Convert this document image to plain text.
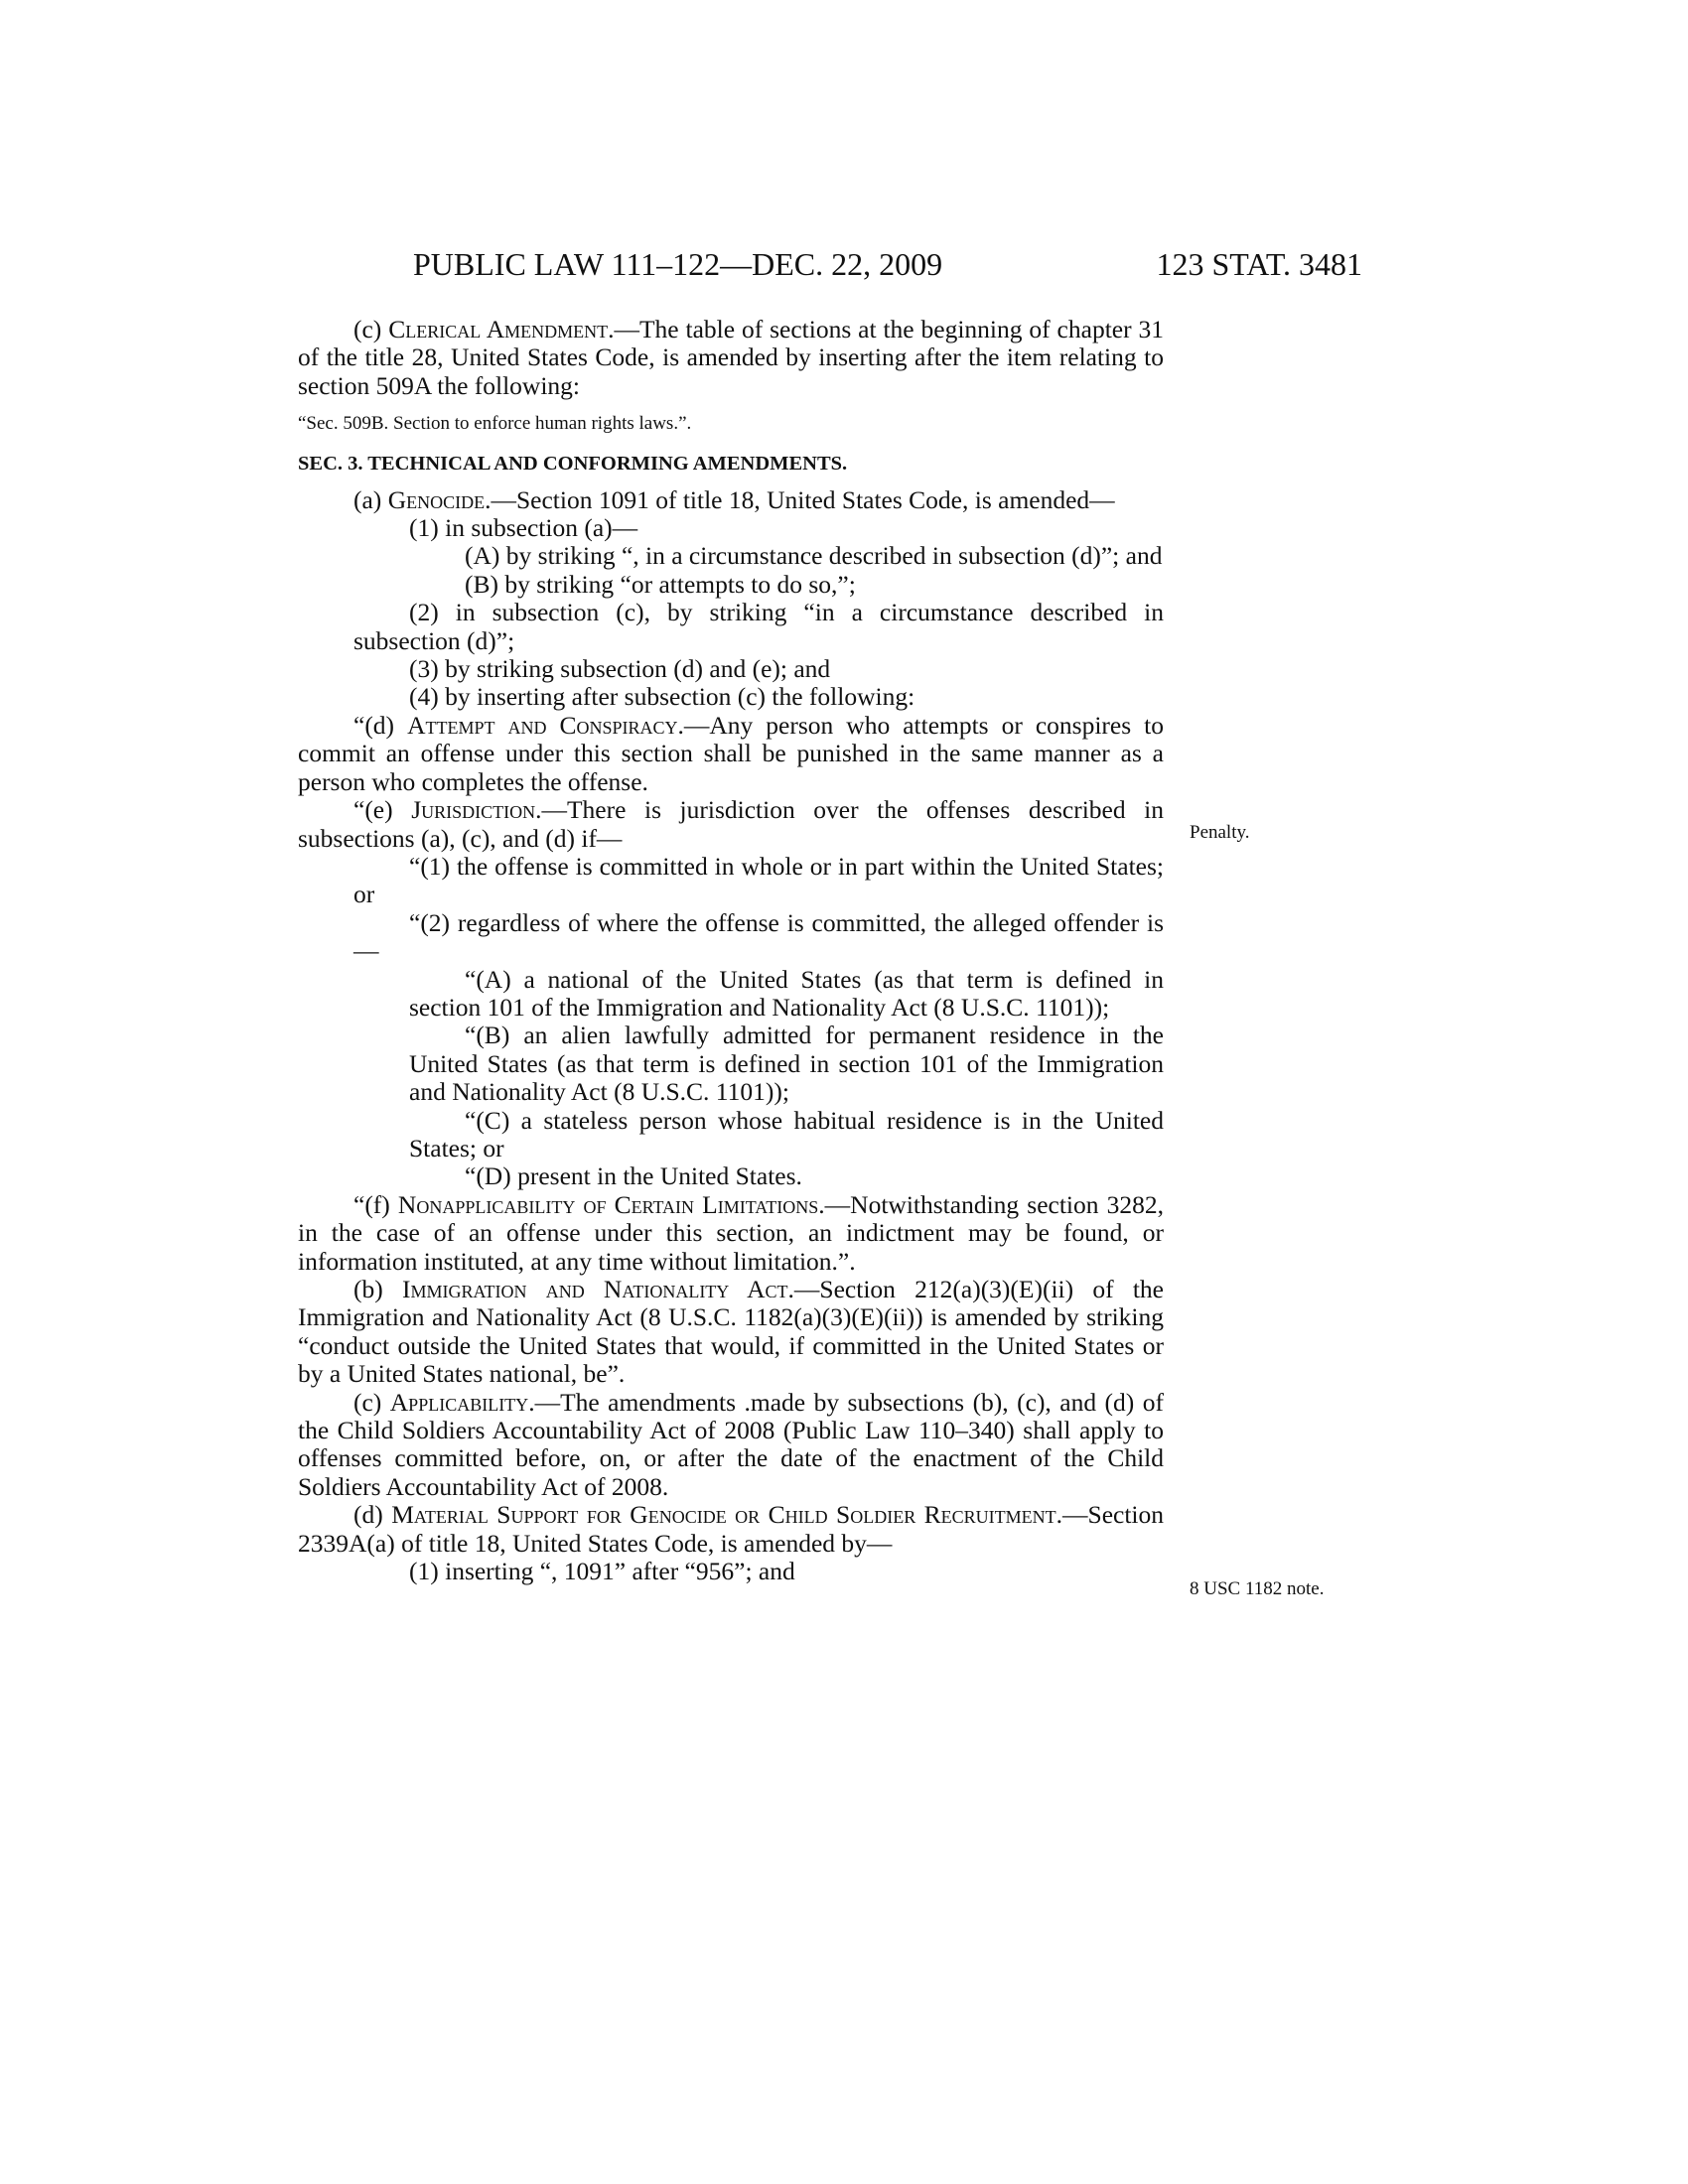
PUBLIC LAW 111–122—DEC. 22, 2009	123 STAT. 3481

(c) Clerical Amendment.—The table of sections at the beginning of chapter 31 of the title 28, United States Code, is amended by inserting after the item relating to section 509A the following:

“Sec. 509B. Section to enforce human rights laws.”.

SEC. 3. TECHNICAL AND CONFORMING AMENDMENTS.

(a) Genocide.—Section 1091 of title 18, United States Code, is amended—

(1) in subsection (a)—

(A) by striking “, in a circumstance described in subsection (d)”; and

(B) by striking “or attempts to do so,”;

(2) in subsection (c), by striking “in a circumstance described in subsection (d)”;

(3) by striking subsection (d) and (e); and

(4) by inserting after subsection (c) the following:

“(d) Attempt and Conspiracy.—Any person who attempts or conspires to commit an offense under this section shall be punished in the same manner as a person who completes the offense.

“(e) Jurisdiction.—There is jurisdiction over the offenses described in subsections (a), (c), and (d) if—

“(1) the offense is committed in whole or in part within the United States; or

“(2) regardless of where the offense is committed, the alleged offender is—

“(A) a national of the United States (as that term is defined in section 101 of the Immigration and Nationality Act (8 U.S.C. 1101));

“(B) an alien lawfully admitted for permanent residence in the United States (as that term is defined in section 101 of the Immigration and Nationality Act (8 U.S.C. 1101));

“(C) a stateless person whose habitual residence is in the United States; or

“(D) present in the United States.

“(f) Nonapplicability of Certain Limitations.—Notwithstanding section 3282, in the case of an offense under this section, an indictment may be found, or information instituted, at any time without limitation.”.

(b) Immigration and Nationality Act.—Section 212(a)(3)(E)(ii) of the Immigration and Nationality Act (8 U.S.C. 1182(a)(3)(E)(ii)) is amended by striking “conduct outside the United States that would, if committed in the United States or by a United States national, be”.

(c) Applicability.—The amendments .made by subsections (b), (c), and (d) of the Child Soldiers Accountability Act of 2008 (Public Law 110–340) shall apply to offenses committed before, on, or after the date of the enactment of the Child Soldiers Accountability Act of 2008.

(d) Material Support for Genocide or Child Soldier Recruitment.—Section 2339A(a) of title 18, United States Code, is amended by—

(1) inserting “, 1091” after “956”; and

Penalty.
8 USC 1182 note.
